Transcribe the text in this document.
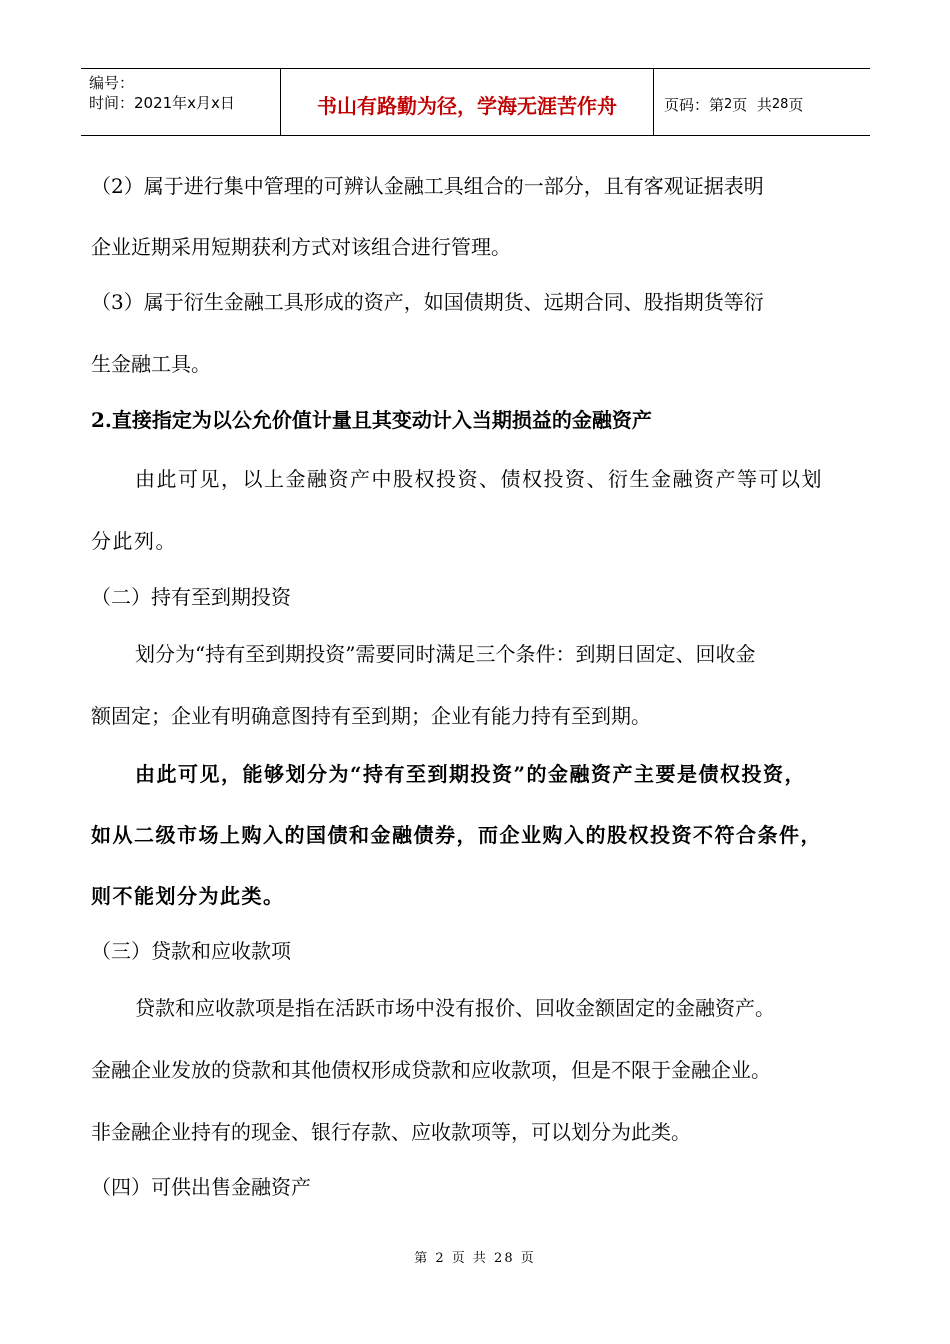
编号：
时间：2021年x月x日	书山有路勤为径，学海无涯苦作舟	页码：第 2 页  共 28 页
（2）属于进行集中管理的可辨认金融工具组合的一部分，且有客观证据表明
企业近期采用短期获利方式对该组合进行管理。
（3）属于衍生金融工具形成的资产，如国债期货、远期合同、股指期货等衍
生金融工具。
2.直接指定为以公允价值计量且其变动计入当期损益的金融资产
由此可见，以上金融资产中股权投资、债权投资、衍生金融资产等可以划
分此列。
（二）持有至到期投资
划分为“持有至到期投资”需要同时满足三个条件：到期日固定、回收金
额固定；企业有明确意图持有至到期；企业有能力持有至到期。
由此可见，能够划分为“持有至到期投资”的金融资产主要是债权投资，
如从二级市场上购入的国债和金融债券，而企业购入的股权投资不符合条件，
则不能划分为此类。
（三）贷款和应收款项
贷款和应收款项是指在活跃市场中没有报价、回收金额固定的金融资产。
金融企业发放的贷款和其他债权形成贷款和应收款项，但是不限于金融企业。
非金融企业持有的现金、银行存款、应收款项等，可以划分为此类。
（四）可供出售金融资产
第 2 页 共 28 页
